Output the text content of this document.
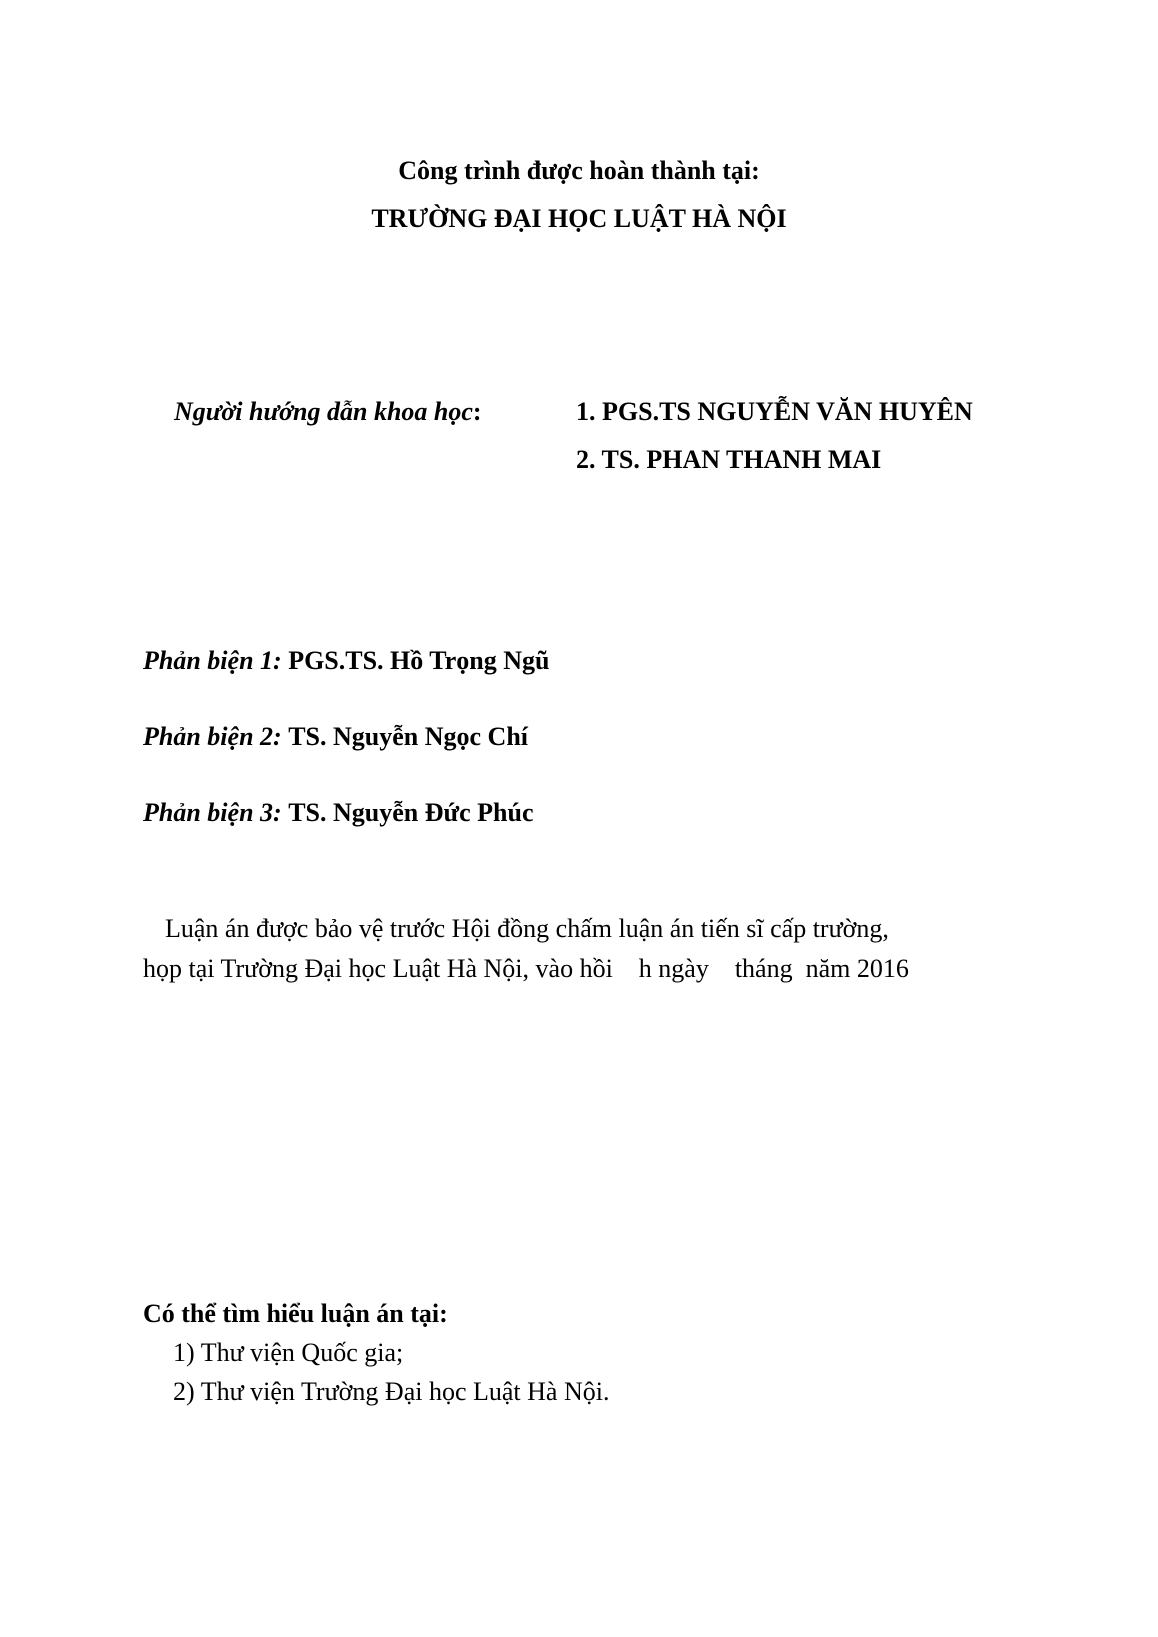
Công trình được hoàn thành tại:
TRƯỜNG ĐẠI HỌC LUẬT HÀ NỘI
Người hướng dẫn khoa học:	1. PGS.TS NGUYỄN VĂN HUYÊN
2. TS. PHAN THANH MAI
Phản biện 1: PGS.TS. Hồ Trọng Ngũ
Phản biện 2: TS. Nguyễn Ngọc Chí
Phản biện 3: TS. Nguyễn Đức Phúc
Luận án được bảo vệ trước Hội đồng chấm luận án tiến sĩ cấp trường,
họp tại Trường Đại học Luật Hà Nội, vào hồi    h ngày    tháng  năm 2016
Có thể tìm hiểu luận án tại:
1) Thư viện Quốc gia;
2) Thư viện Trường Đại học Luật Hà Nội.
